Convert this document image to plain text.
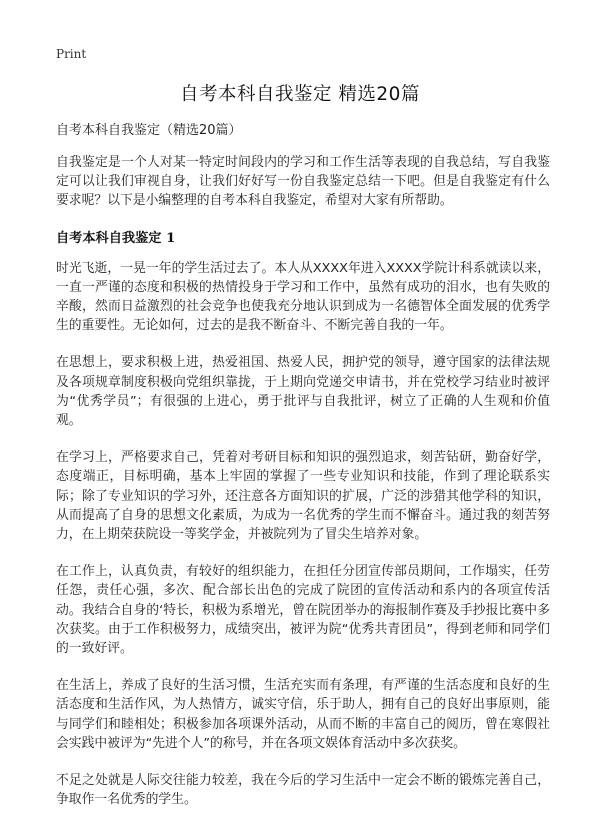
Print
自考本科自我鉴定 精选20篇

自考本科自我鉴定（精选20篇）

自我鉴定是一个人对某一特定时间段内的学习和工作生活等表现的自我总结，写自我鉴定可以让我们审视自身，让我们好好写一份自我鉴定总结一下吧。但是自我鉴定有什么要求呢？以下是小编整理的自考本科自我鉴定，希望对大家有所帮助。

自考本科自我鉴定 1

时光飞逝，一晃一年的学生活过去了。本人从XXXX年进入XXXX学院计科系就读以来，一直一严谨的态度和积极的热情投身于学习和工作中，虽然有成功的泪水，也有失败的辛酸，然而日益激烈的社会竞争也使我充分地认识到成为一名德智体全面发展的优秀学生的重要性。无论如何，过去的是我不断奋斗、不断完善自我的一年。

在思想上，要求积极上进，热爱祖国、热爱人民，拥护党的领导，遵守国家的法律法规及各项规章制度积极向党组织靠拢，于上期向党递交申请书，并在党校学习结业时被评为“优秀学员”；有很强的上进心，勇于批评与自我批评，树立了正确的人生观和价值观。

在学习上，严格要求自己，凭着对考研目标和知识的强烈追求，刻苦钻研，勤奋好学，态度端正，目标明确，基本上牢固的掌握了一些专业知识和技能，作到了理论联系实际；除了专业知识的学习外，还注意各方面知识的扩展，广泛的涉猎其他学科的知识，从而提高了自身的思想文化素质，为成为一名优秀的学生而不懈奋斗。通过我的刻苦努力，在上期荣获院设一等奖学金，并被院列为了冒尖生培养对象。

在工作上，认真负责，有较好的组织能力，在担任分团宣传部员期间，工作塌实，任劳任怨，责任心强，多次、配合部长出色的完成了院团的宣传活动和系内的各项宣传活动。我结合自身的‘特长，积极为系增光，曾在院团举办的海报制作赛及手抄报比赛中多次获奖。由于工作积极努力，成绩突出，被评为院“优秀共青团员”，得到老师和同学们的一致好评。

在生活上，养成了良好的生活习惯，生活充实而有条理，有严谨的生活态度和良好的生活态度和生活作风，为人热情方，诚实守信，乐于助人，拥有自己的良好出事原则，能与同学们和睦相处；积极参加各项课外活动，从而不断的丰富自己的阅历，曾在寒假社会实践中被评为“先进个人”的称号，并在各项文娱体育活动中多次获奖。

不足之处就是人际交往能力较差，我在今后的学习生活中一定会不断的锻炼完善自己，争取作一名优秀的学生。
